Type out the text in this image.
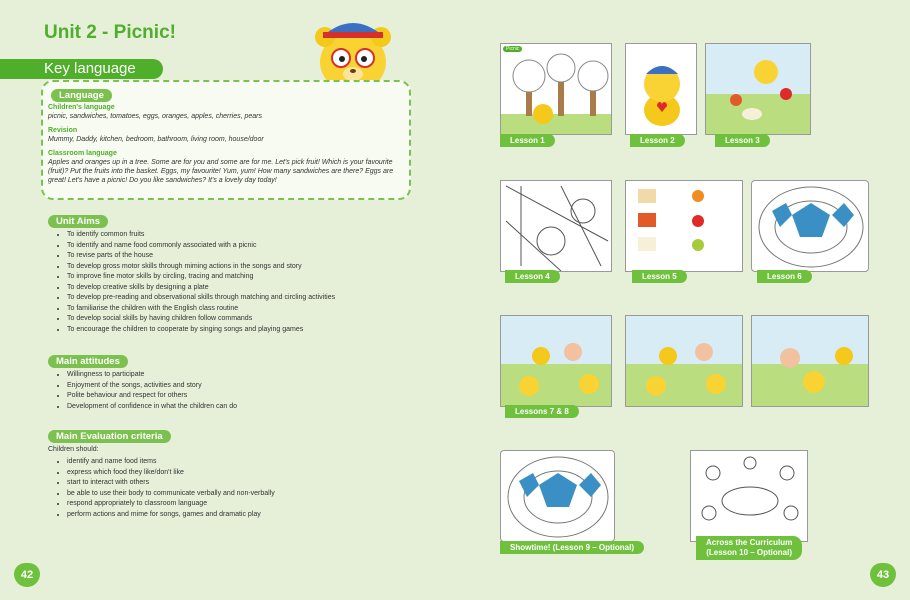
Unit 2 - Picnic!
Key language
Language
Children's language
picnic, sandwiches, tomatoes, eggs, oranges, apples, cherries, pears
Revision
Mummy, Daddy, kitchen, bedroom, bathroom, living room, house/door
Classroom language
Apples and oranges up in a tree. Some are for you and some are for me. Let's pick fruit! Which is your favourite (fruit)? Put the fruits into the basket. Eggs, my favourite! Yum, yum! How many sandwiches are there? Eggs are great! Let's have a picnic! Do you like sandwiches? It's a lovely day today!
Unit Aims
• To identify common fruits
• To identify and name food commonly associated with a picnic
• To revise parts of the house
• To develop gross motor skills through miming actions in the songs and story
• To improve fine motor skills by circling, tracing and matching
• To develop creative skills by designing a plate
• To develop pre-reading and observational skills through matching and circling activities
• To familiarise the children with the English class routine
• To develop social skills by having children follow commands
• To encourage the children to cooperate by singing songs and playing games
Main attitudes
• Willingness to participate
• Enjoyment of the songs, activities and story
• Polite behaviour and respect for others
• Development of confidence in what the children can do
Main Evaluation criteria
Children should:
• identify and name food items
• express which food they like/don't like
• start to interact with others
• be able to use their body to communicate verbally and non-verbally
• respond appropriately to classroom language
• perform actions and mime for songs, games and dramatic play
42	43
Picnic
Lesson 1	Lesson 2	Lesson 3
Lesson 4	Lesson 5	Lesson 6
Lessons 7 & 8
Showtime! (Lesson 9 – Optional)
Across the Curriculum
(Lesson 10 – Optional)
